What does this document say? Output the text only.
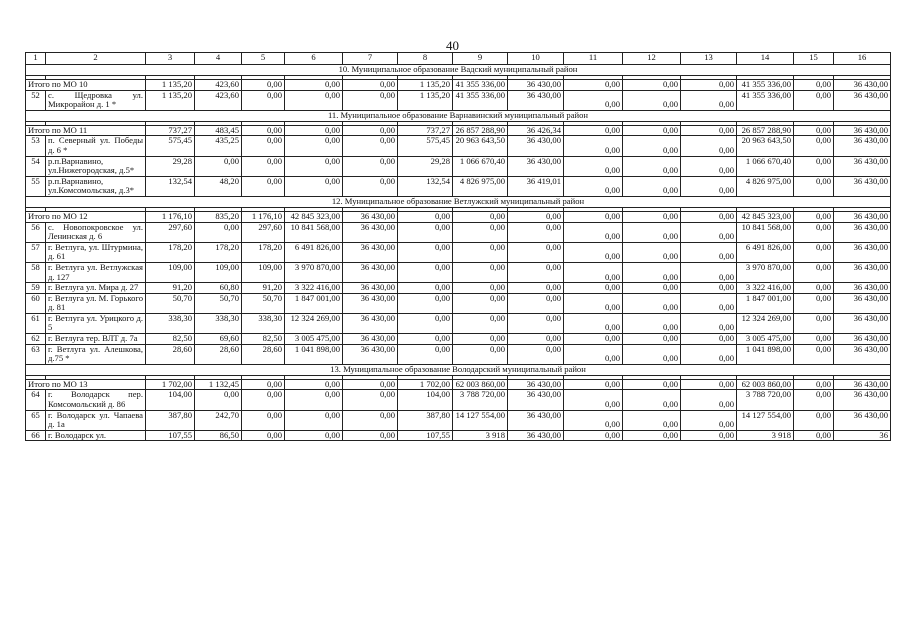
40
1	2	3	4	5	6	7	8	9	10	11	12	13	14	15	16
10. Муниципальное образование Вадский муниципальный район															

Итого по МО 10		1 135,20	423,60	0,00	0,00	0,00	1 135,20	41 355 336,00	36 430,00	0,00	0,00	0,00	41 355 336,00	0,00	36 430,00
52	с. Щедровка ул. Микрорайон д. 1 *	1 135,20	423,60	0,00	0,00	0,00	1 135,20	41 355 336,00	36 430,00	0,00	0,00	0,00	41 355 336,00	0,00	36 430,00
11. Муниципальное образование Варнавинский муниципальный район															

Итого по МО 11		737,27	483,45	0,00	0,00	0,00	737,27	26 857 288,90	36 426,34	0,00	0,00	0,00	26 857 288,90	0,00	36 430,00
53	п. Северный ул. Победы д. 6 *	575,45	435,25	0,00	0,00	0,00	575,45	20 963 643,50	36 430,00	0,00	0,00	0,00	20 963 643,50	0,00	36 430,00
54	р.п.Варнавино, ул.Нижегородская, д.5*	29,28	0,00	0,00	0,00	0,00	29,28	1 066 670,40	36 430,00	0,00	0,00	0,00	1 066 670,40	0,00	36 430,00
55	р.п.Варнавино, ул.Комсомольская, д.3*	132,54	48,20	0,00	0,00	0,00	132,54	4 826 975,00	36 419,01	0,00	0,00	0,00	4 826 975,00	0,00	36 430,00
12. Муниципальное образование Ветлужский муниципальный район															

Итого по МО 12		1 176,10	835,20	1 176,10	42 845 323,00	36 430,00	0,00	0,00	0,00	0,00	0,00	0,00	42 845 323,00	0,00	36 430,00
56	с. Новопокровское ул. Ленинская д. 6	297,60	0,00	297,60	10 841 568,00	36 430,00	0,00	0,00	0,00	0,00	0,00	0,00	10 841 568,00	0,00	36 430,00
57	г. Ветлуга, ул. Штурмина, д. 61	178,20	178,20	178,20	6 491 826,00	36 430,00	0,00	0,00	0,00	0,00	0,00	0,00	6 491 826,00	0,00	36 430,00
58	г. Ветлуга ул. Ветлужская д. 127	109,00	109,00	109,00	3 970 870,00	36 430,00	0,00	0,00	0,00	0,00	0,00	0,00	3 970 870,00	0,00	36 430,00
59	г. Ветлуга ул. Мира д. 27	91,20	60,80	91,20	3 322 416,00	36 430,00	0,00	0,00	0,00	0,00	0,00	0,00	3 322 416,00	0,00	36 430,00
60	г. Ветлуга ул. М. Горького д. 81	50,70	50,70	50,70	1 847 001,00	36 430,00	0,00	0,00	0,00	0,00	0,00	0,00	1 847 001,00	0,00	36 430,00
61	г. Ветлуга ул. Урицкого д. 5	338,30	338,30	338,30	12 324 269,00	36 430,00	0,00	0,00	0,00	0,00	0,00	0,00	12 324 269,00	0,00	36 430,00
62	г. Ветлуга тер. ВЛТ д. 7а	82,50	69,60	82,50	3 005 475,00	36 430,00	0,00	0,00	0,00	0,00	0,00	0,00	3 005 475,00	0,00	36 430,00
63	г. Ветлуга ул. Алешкова, д.75 *	28,60	28,60	28,60	1 041 898,00	36 430,00	0,00	0,00	0,00	0,00	0,00	0,00	1 041 898,00	0,00	36 430,00
13. Муниципальное образование Володарский муниципальный район															

Итого по МО 13		1 702,00	1 132,45	0,00	0,00	0,00	1 702,00	62 003 860,00	36 430,00	0,00	0,00	0,00	62 003 860,00	0,00	36 430,00
64	г. Володарск пер. Комсомольский д. 86	104,00	0,00	0,00	0,00	0,00	104,00	3 788 720,00	36 430,00	0,00	0,00	0,00	3 788 720,00	0,00	36 430,00
65	г. Володарск ул. Чапаева д. 1а	387,80	242,70	0,00	0,00	0,00	387,80	14 127 554,00	36 430,00	0,00	0,00	0,00	14 127 554,00	0,00	36 430,00
66	г. Володарск ул.	107,55	86,50	0,00	0,00	0,00	107,55	3 918	36 430,00	0,00	0,00	0,00	3 918	0,00	36
